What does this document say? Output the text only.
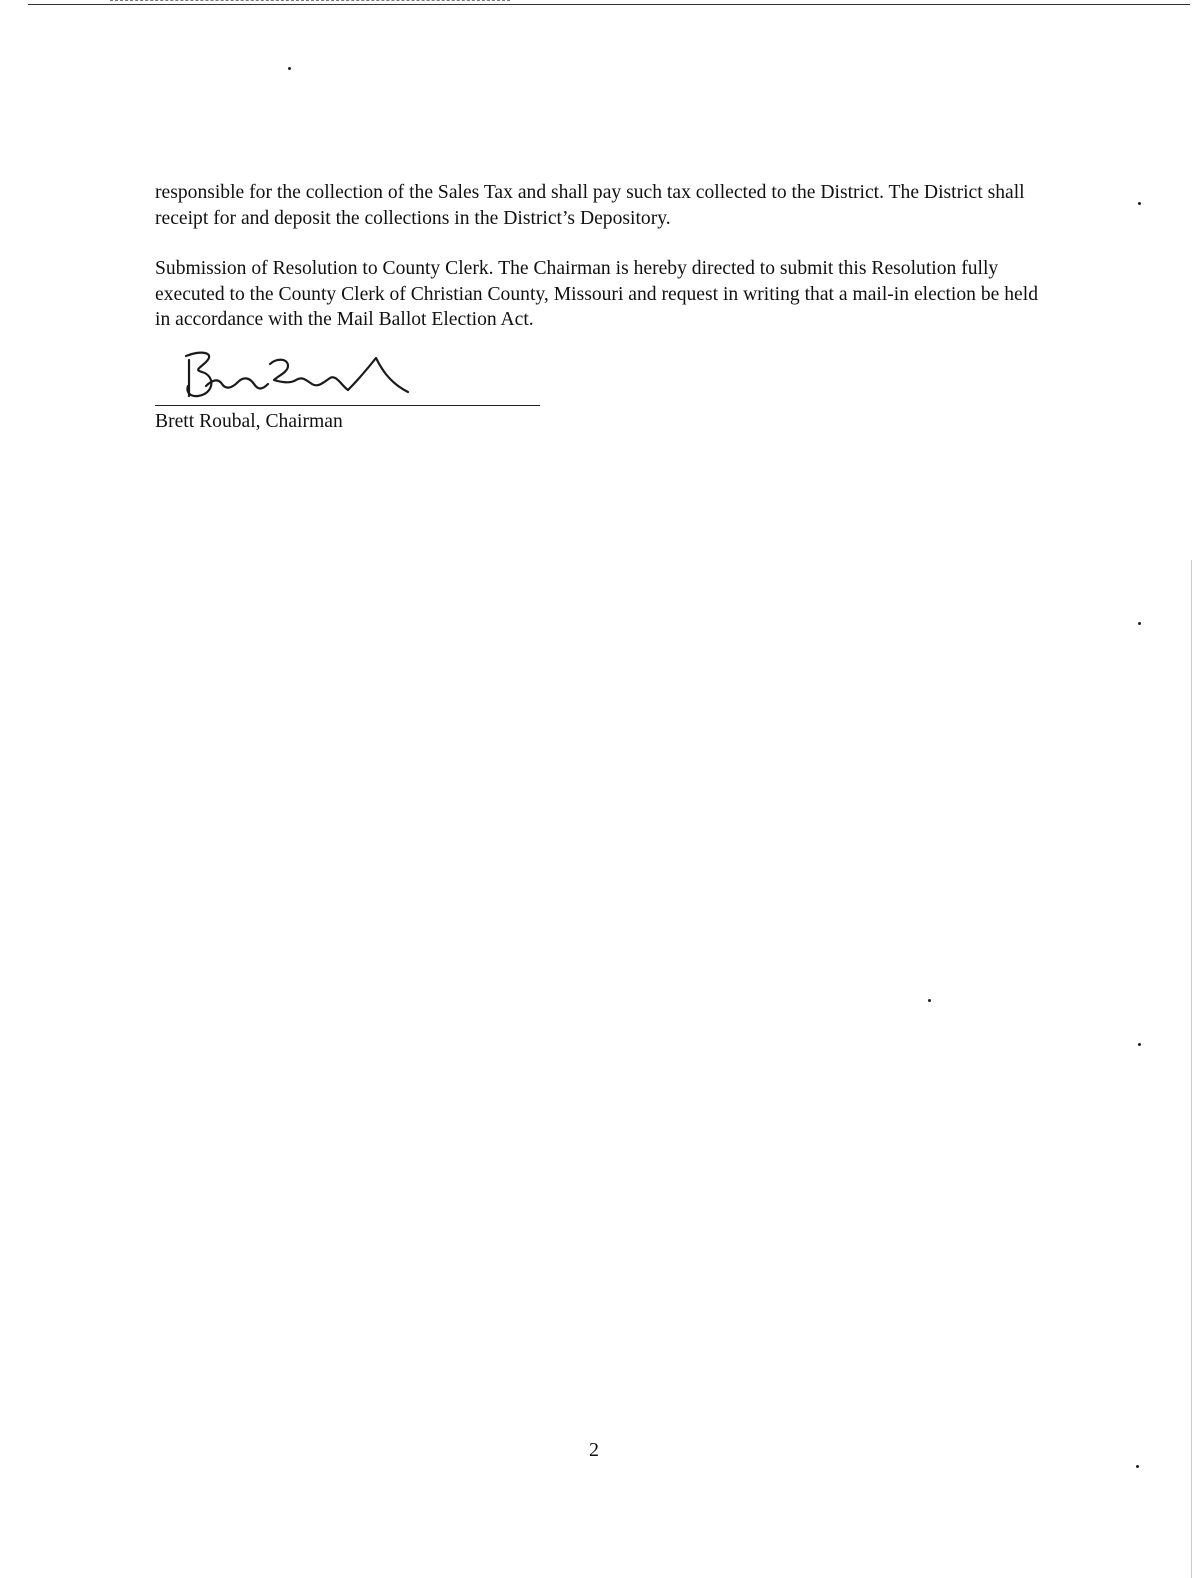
responsible for the collection of the Sales Tax and shall pay such tax collected to the District. The District shall receipt for and deposit the collections in the District’s Depository.

Submission of Resolution to County Clerk. The Chairman is hereby directed to submit this Resolution fully executed to the County Clerk of Christian County, Missouri and request in writing that a mail-in election be held in accordance with the Mail Ballot Election Act.

Brett Roubal, Chairman

2
